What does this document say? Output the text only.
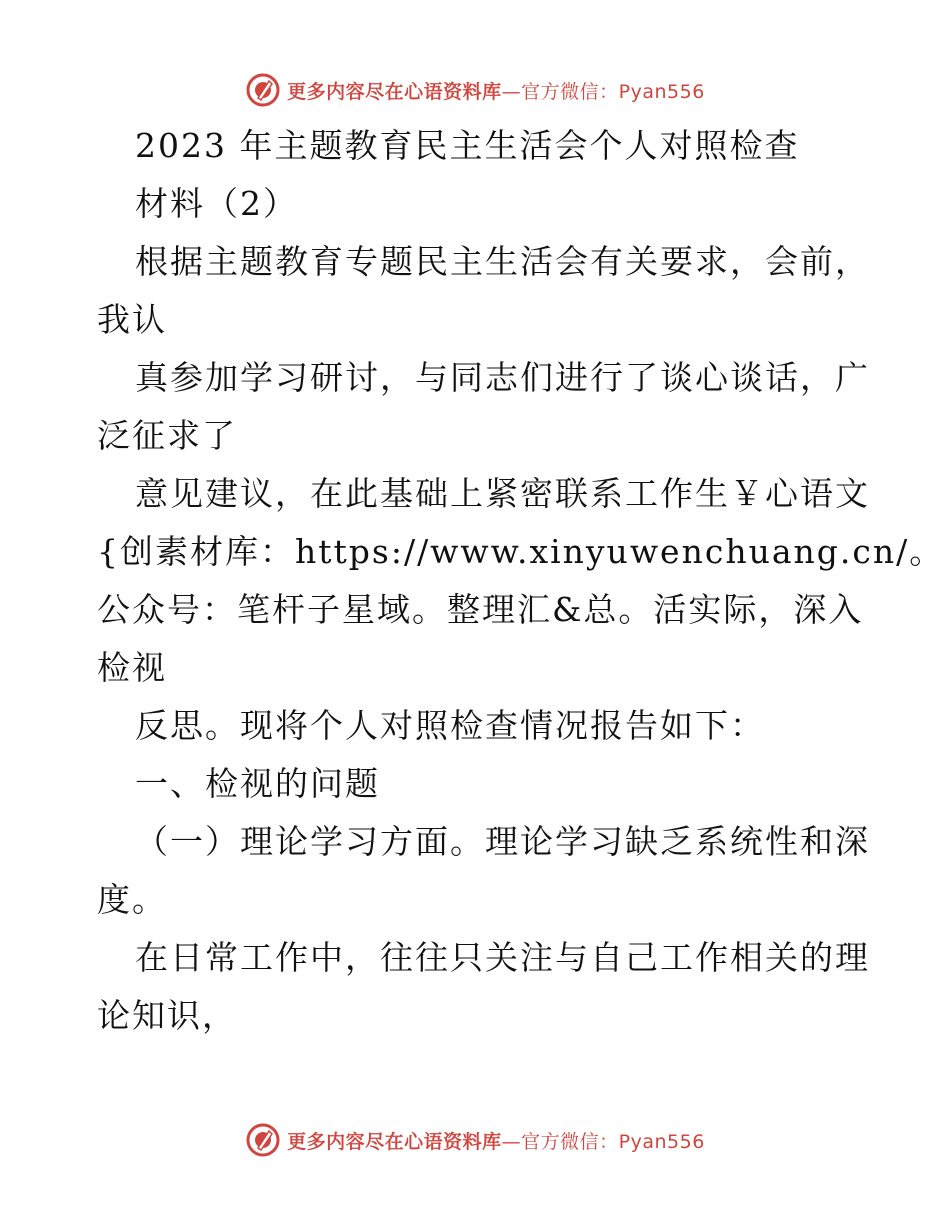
更多内容尽在心语资料库—官方微信：Pyan556
2023 年主题教育民主生活会个人对照检查
材料（2）
根据主题教育专题民主生活会有关要求，会前，
我认
真参加学习研讨，与同志们进行了谈心谈话，广
泛征求了
意见建议，在此基础上紧密联系工作生￥心语文
{创素材库：https://www.xinyuwenchuang.cn/。
公众号：笔杆子星域。整理汇&总。活实际，深入
检视
反思。现将个人对照检查情况报告如下：
一、检视的问题
（一）理论学习方面。理论学习缺乏系统性和深
度。
在日常工作中，往往只关注与自己工作相关的理
论知识，
更多内容尽在心语资料库—官方微信：Pyan556
